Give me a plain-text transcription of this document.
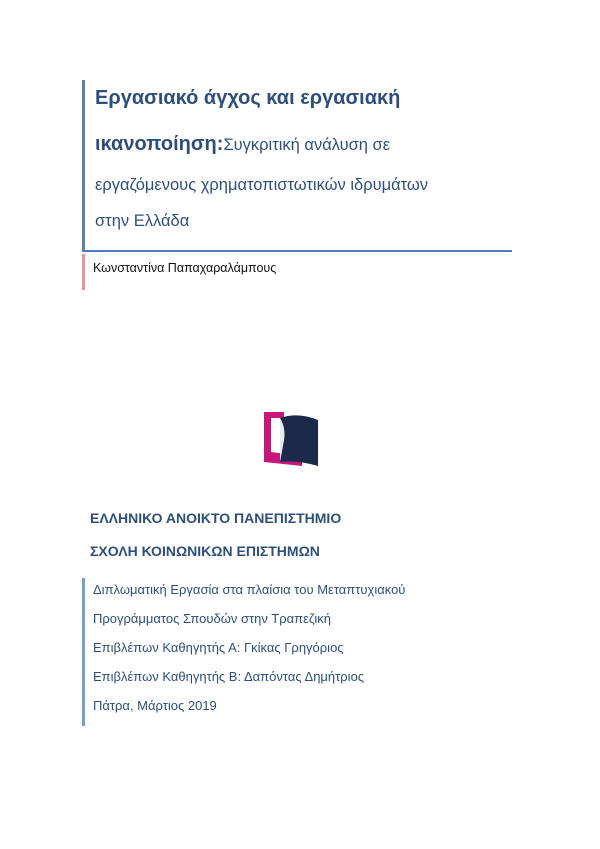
Εργασιακό άγχος και εργασιακή
ικανοποίηση:Συγκριτική ανάλυση σε
εργαζόμενους χρηματοπιστωτικών ιδρυμάτων
στην Ελλάδα
Κωνσταντίνα Παπαχαραλάμπους
ΕΛΛΗΝΙΚΟ ΑΝΟΙΚΤΟ ΠΑΝΕΠΙΣΤΗΜΙΟ
ΣΧΟΛΗ ΚΟΙΝΩΝΙΚΩΝ ΕΠΙΣΤΗΜΩΝ
Διπλωματική Εργασία στα πλαίσια του Μεταπτυχιακού
Προγράμματος Σπουδών στην Τραπεζική
Επιβλέπων Καθηγητής Α: Γκίκας Γρηγόριος
Επιβλέπων Καθηγητής Β: Δαπόντας Δημήτριος
Πάτρα, Μάρτιος 2019
